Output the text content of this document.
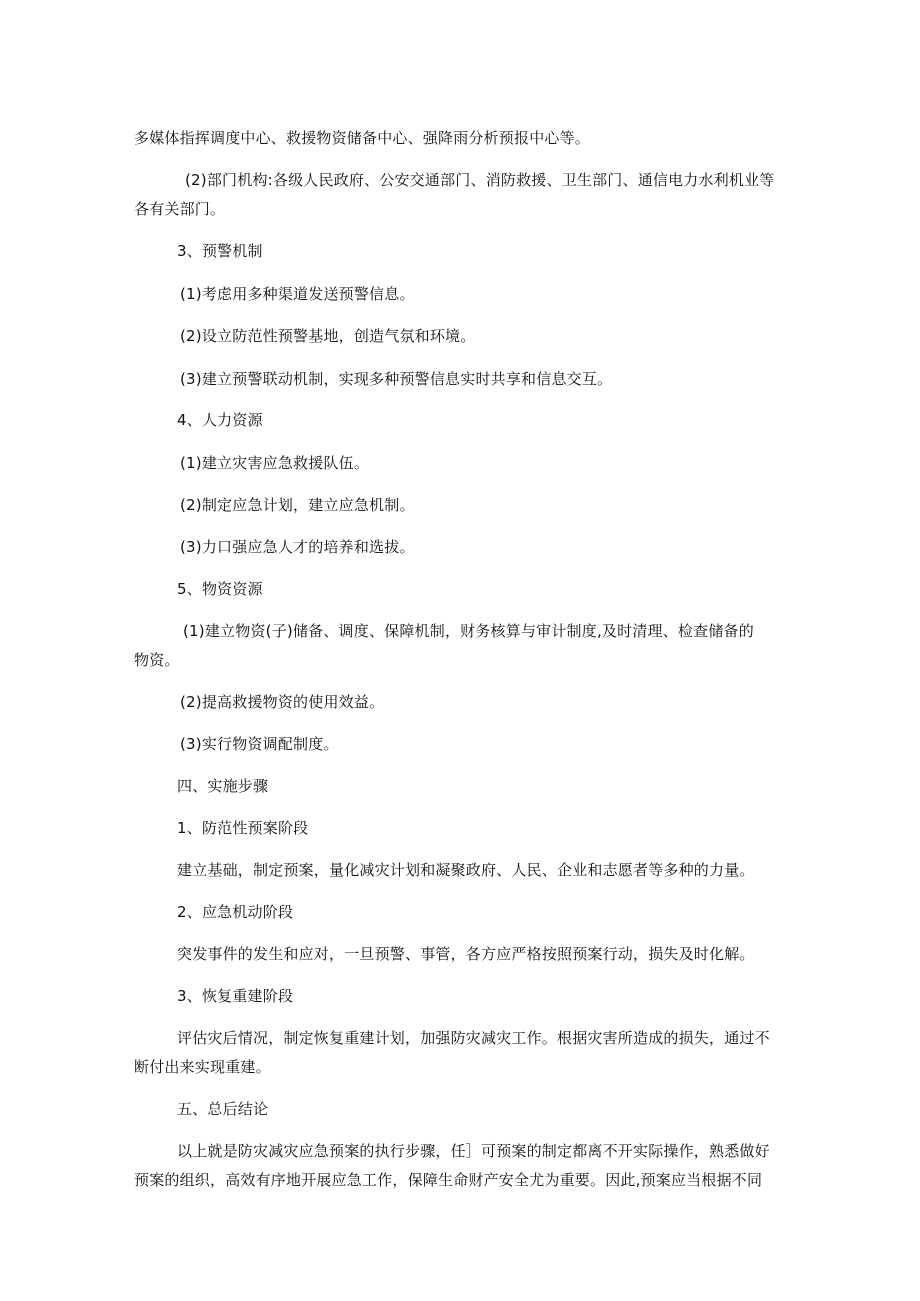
多媒体指挥调度中心、救援物资储备中心、强降雨分析预报中心等。
(2)部门机构:各级人民政府、公安交通部门、消防救援、卫生部门、通信电力水利机业等
各有关部门。
3、预警机制
(1)考虑用多种渠道发送预警信息。
(2)设立防范性预警基地，创造气氛和环境。
(3)建立预警联动机制，实现多种预警信息实时共享和信息交互。
4、人力资源
(1)建立灾害应急救援队伍。
(2)制定应急计划，建立应急机制。
(3)力口强应急人才的培养和选拔。
5、物资资源
(1)建立物资(子)储备、调度、保障机制，财务核算与审计制度,及时清理、检查储备的
物资。
(2)提高救援物资的使用效益。
(3)实行物资调配制度。
四、实施步骤
1、防范性预案阶段
建立基础，制定预案，量化减灾计划和凝聚政府、人民、企业和志愿者等多种的力量。
2、应急机动阶段
突发事件的发生和应对，一旦预警、事管，各方应严格按照预案行动，损失及时化解。
3、恢复重建阶段
评估灾后情况，制定恢复重建计划，加强防灾减灾工作。根据灾害所造成的损失，通过不
断付出来实现重建。
五、总后结论
以上就是防灾减灾应急预案的执行步骤，任］可预案的制定都离不开实际操作，熟悉做好
预案的组织，高效有序地开展应急工作，保障生命财产安全尤为重要。因此,预案应当根据不同
